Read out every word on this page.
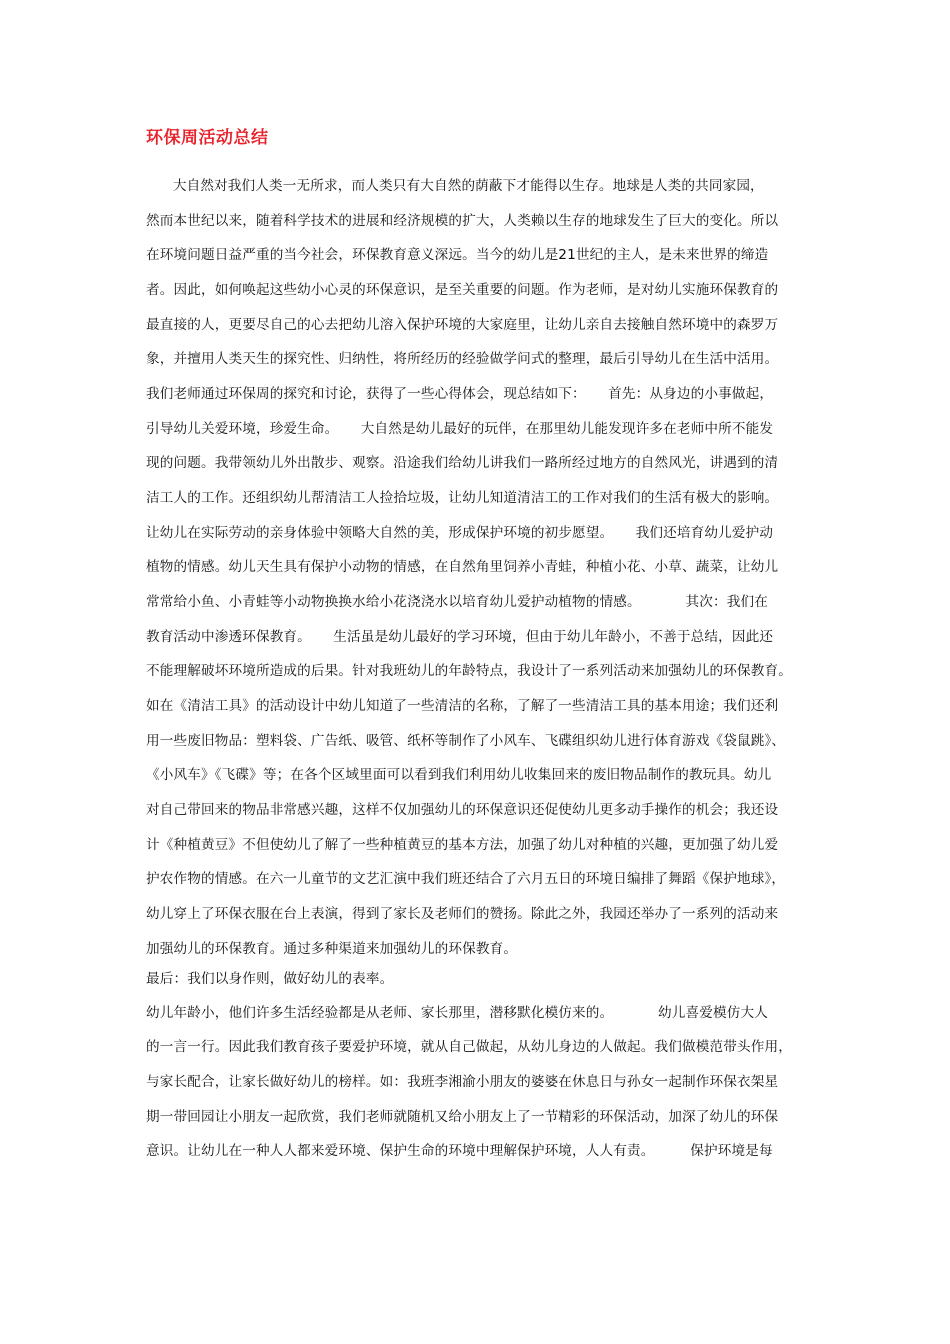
环保周活动总结
大自然对我们人类一无所求，而人类只有大自然的荫蔽下才能得以生存。地球是人类的共同家园，
然而本世纪以来，随着科学技术的进展和经济规模的扩大，人类赖以生存的地球发生了巨大的变化。所以
在环境问题日益严重的当今社会，环保教育意义深远。当今的幼儿是21世纪的主人，是未来世界的缔造
者。因此，如何唤起这些幼小心灵的环保意识，是至关重要的问题。作为老师，是对幼儿实施环保教育的
最直接的人，更要尽自己的心去把幼儿溶入保护环境的大家庭里，让幼儿亲自去接触自然环境中的森罗万
象，并擅用人类天生的探究性、归纳性，将所经历的经验做学问式的整理，最后引导幼儿在生活中活用。
我们老师通过环保周的探究和讨论，获得了一些心得体会，现总结如下：     首先：从身边的小事做起，
引导幼儿关爱环境，珍爱生命。     大自然是幼儿最好的玩伴，在那里幼儿能发现许多在老师中所不能发
现的问题。我带领幼儿外出散步、观察。沿途我们给幼儿讲我们一路所经过地方的自然风光，讲遇到的清
洁工人的工作。还组织幼儿帮清洁工人捡拾垃圾，让幼儿知道清洁工的工作对我们的生活有极大的影响。
让幼儿在实际劳动的亲身体验中领略大自然的美，形成保护环境的初步愿望。     我们还培育幼儿爱护动
植物的情感。幼儿天生具有保护小动物的情感，在自然角里饲养小青蛙，种植小花、小草、蔬菜，让幼儿
常常给小鱼、小青蛙等小动物换换水给小花浇浇水以培育幼儿爱护动植物的情感。          其次：我们在
教育活动中渗透环保教育。     生活虽是幼儿最好的学习环境，但由于幼儿年龄小，不善于总结，因此还
不能理解破坏环境所造成的后果。针对我班幼儿的年龄特点，我设计了一系列活动来加强幼儿的环保教育。
如在《清洁工具》的活动设计中幼儿知道了一些清洁的名称，了解了一些清洁工具的基本用途；我们还利
用一些废旧物品：塑料袋、广告纸、吸管、纸杯等制作了小风车、飞碟组织幼儿进行体育游戏《袋鼠跳》、
《小风车》《飞碟》等；在各个区域里面可以看到我们利用幼儿收集回来的废旧物品制作的教玩具。幼儿
对自己带回来的物品非常感兴趣，这样不仅加强幼儿的环保意识还促使幼儿更多动手操作的机会；我还设
计《种植黄豆》不但使幼儿了解了一些种植黄豆的基本方法，加强了幼儿对种植的兴趣，更加强了幼儿爱
护农作物的情感。在六一儿童节的文艺汇演中我们班还结合了六月五日的环境日编排了舞蹈《保护地球》，
幼儿穿上了环保衣服在台上表演，得到了家长及老师们的赞扬。除此之外，我园还举办了一系列的活动来
加强幼儿的环保教育。通过多种渠道来加强幼儿的环保教育。
最后：我们以身作则，做好幼儿的表率。
幼儿年龄小，他们许多生活经验都是从老师、家长那里，潜移默化模仿来的。          幼儿喜爱模仿大人
的一言一行。因此我们教育孩子要爱护环境，就从自己做起，从幼儿身边的人做起。我们做模范带头作用，
与家长配合，让家长做好幼儿的榜样。如：我班李湘渝小朋友的婆婆在休息日与孙女一起制作环保衣架星
期一带回园让小朋友一起欣赏，我们老师就随机又给小朋友上了一节精彩的环保活动，加深了幼儿的环保
意识。让幼儿在一种人人都来爱环境、保护生命的环境中理解保护环境，人人有责。        保护环境是每
